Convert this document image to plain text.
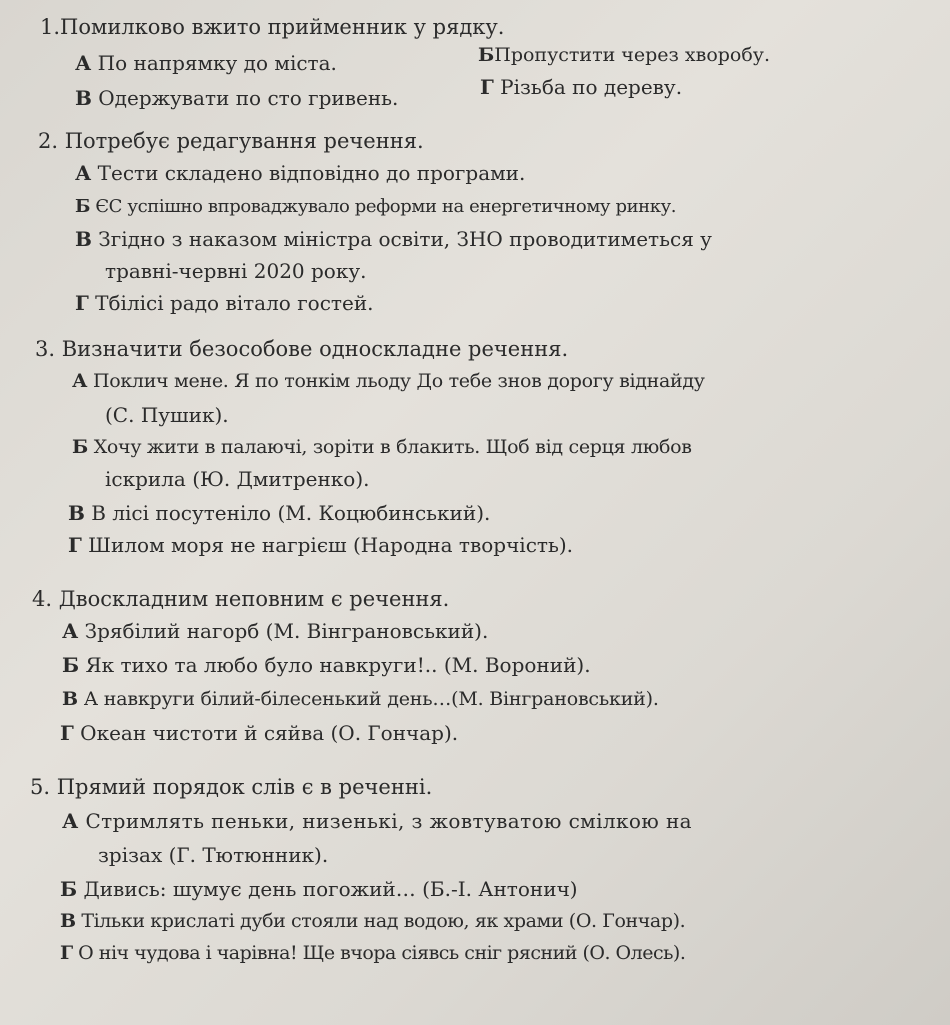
1.Помилково вжито прийменник у рядку.
А По напрямку до міста.	БПропустити через хворобу.
В Одержувати по сто гривень.	Г Різьба по дереву.
2. Потребує редагування речення.
А Тести складено відповідно до програми.
Б ЄС успішно впроваджувало реформи на енергетичному ринку.
В Згідно з наказом міністра освіти, ЗНО проводитиметься у
травні-червні 2020 року.
Г Тбілісі радо вітало гостей.
3. Визначити безособове односкладне речення.
А Поклич мене. Я по тонкім льоду До тебе знов дорогу віднайду
(С. Пушик).
Б Хочу жити в палаючі, зоріти в блакить. Щоб від серця любов
іскрила (Ю. Дмитренко).
В В лісі посутеніло (М. Коцюбинський).
Г Шилом моря не нагрієш (Народна творчість).
4. Двоскладним неповним є речення.
А Зрябілий нагорб (М. Вінграновський).
Б Як тихо та любо було навкруги!.. (М. Вороний).
В А навкруги білий-білесенький день…(М. Вінграновський).
Г Океан чистоти й сяйва (О. Гончар).
5. Прямий порядок слів є в реченні.
А Стримлять пеньки, низенькі, з жовтуватою смілкою на
зрізах (Г. Тютюнник).
Б Дивись: шумує день погожий… (Б.-І. Антонич)
В Тільки крислаті дуби стояли над водою, як храми (О. Гончар).
Г О ніч чудова і чарівна! Ще вчора сіявсь сніг рясний (О. Олесь).
